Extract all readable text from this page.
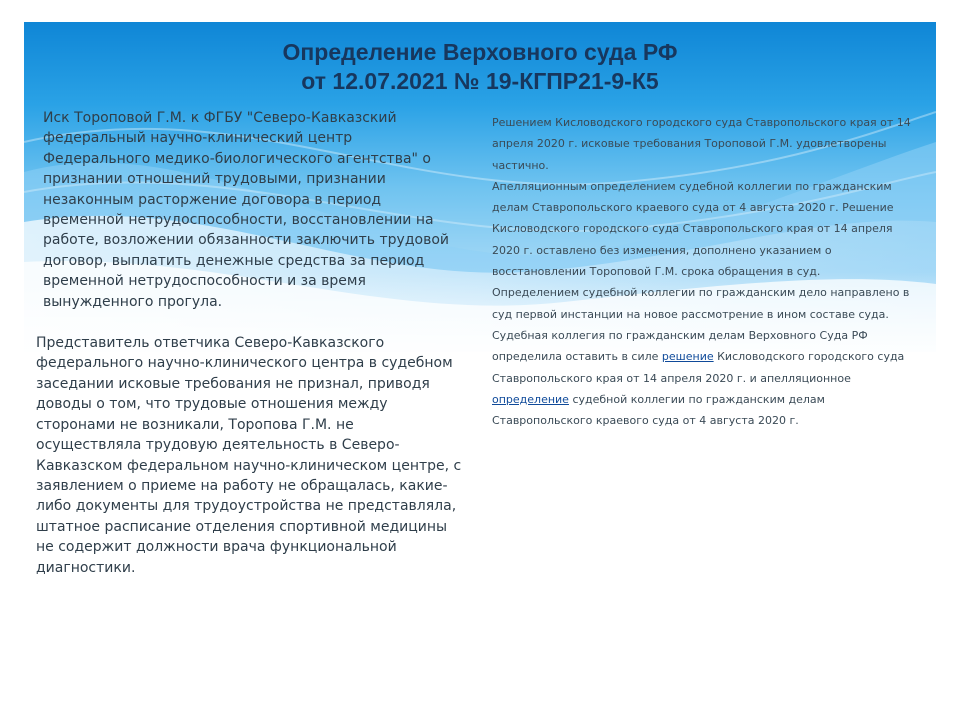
Определение Верховного суда РФ
от 12.07.2021 № 19-КГПР21-9-К5

Иск Тороповой Г.М. к ФГБУ "Северо-Кавказский федеральный научно-клинический центр Федерального медико-биологического агентства" о признании отношений трудовыми, признании незаконным расторжение договора в период временной нетрудоспособности, восстановлении на работе, возложении обязанности заключить трудовой договор, выплатить денежные средства за период временной нетрудоспособности и за время вынужденного прогула.

Представитель ответчика Северо-Кавказского федерального научно-клинического центра в судебном заседании исковые требования не признал, приводя доводы о том, что трудовые отношения между сторонами не возникали, Торопова Г.М. не осуществляла трудовую деятельность в Северо-Кавказском федеральном научно-клиническом центре, с заявлением о приеме на работу не обращалась, какие-либо документы для трудоустройства не представляла, штатное расписание отделения спортивной медицины не содержит должности врача функциональной диагностики.

Решением Кисловодского городского суда Ставропольского края от 14 апреля 2020 г. исковые требования Тороповой Г.М. удовлетворены частично.

Апелляционным определением судебной коллегии по гражданским делам Ставропольского краевого суда от 4 августа 2020 г. Решение Кисловодского городского суда Ставропольского края от 14 апреля 2020 г. оставлено без изменения, дополнено указанием о восстановлении Тороповой Г.М. срока обращения в суд.

Определением судебной коллегии по гражданским дело направлено в суд первой инстанции на новое рассмотрение в ином составе суда.

Судебная коллегия по гражданским делам Верховного Суда РФ определила оставить в силе решение Кисловодского городского суда Ставропольского края от 14 апреля 2020 г. и апелляционное определение судебной коллегии по гражданским делам Ставропольского краевого суда от 4 августа 2020 г.
